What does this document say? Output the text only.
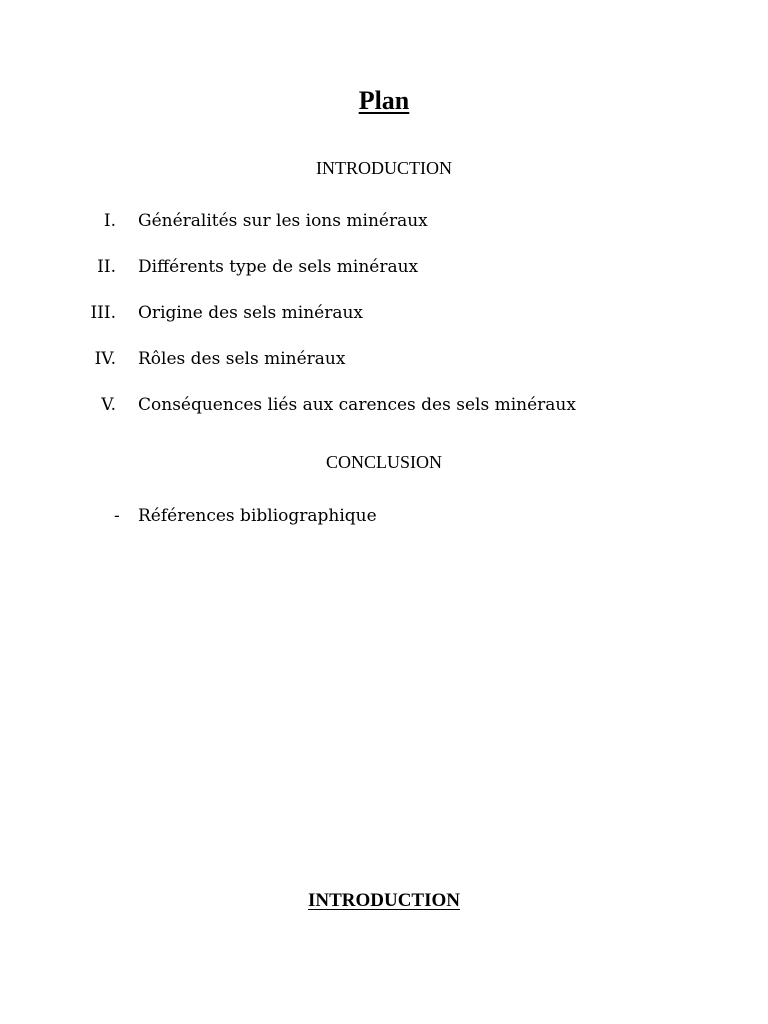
Plan
INTRODUCTION
I. Généralités sur les ions minéraux
II. Différents type de sels minéraux
III. Origine des sels minéraux
IV. Rôles des sels minéraux
V. Conséquences liés aux carences des sels minéraux
CONCLUSION
- Références bibliographique
INTRODUCTION
